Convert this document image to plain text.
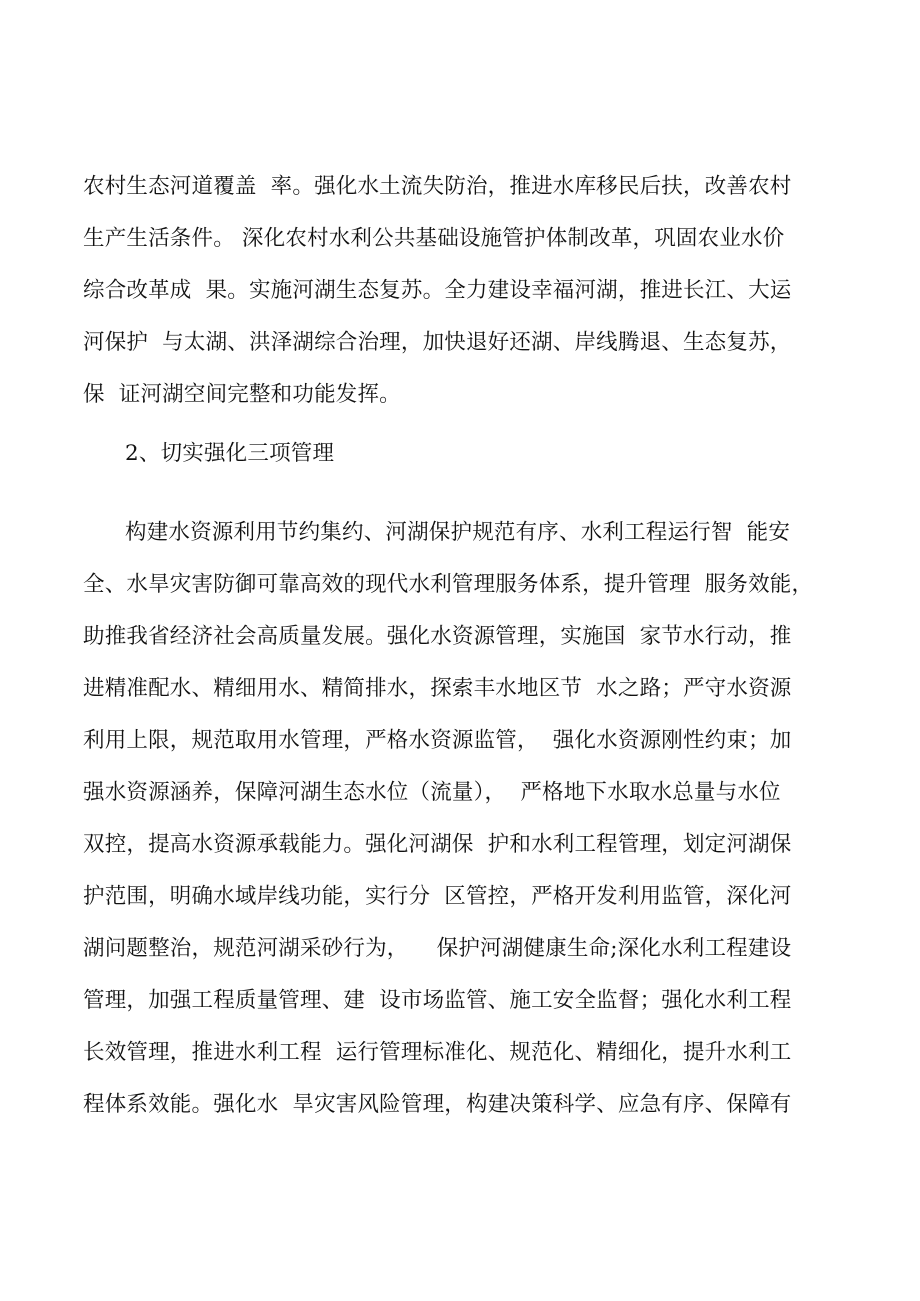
农村生态河道覆盖  率。强化水土流失防治，推进水库移民后扶，改善农村

生产生活条件。 深化农村水利公共基础设施管护体制改革，巩固农业水价

综合改革成  果。实施河湖生态复苏。全力建设幸福河湖，推进长江、大运

河保护  与太湖、洪泽湖综合治理，加快退好还湖、岸线腾退、生态复苏，

保  证河湖空间完整和功能发挥。

2、切实强化三项管理

构建水资源利用节约集约、河湖保护规范有序、水利工程运行智  能安

全、水旱灾害防御可靠高效的现代水利管理服务体系，提升管理  服务效能，

助推我省经济社会高质量发展。强化水资源管理，实施国  家节水行动，推

进精准配水、精细用水、精简排水，探索丰水地区节  水之路；严守水资源

利用上限，规范取用水管理，严格水资源监管，  强化水资源刚性约束；加

强水资源涵养，保障河湖生态水位（流量），  严格地下水取水总量与水位

双控，提高水资源承载能力。强化河湖保  护和水利工程管理，划定河湖保

护范围，明确水域岸线功能，实行分  区管控，严格开发利用监管，深化河

湖问题整治，规范河湖采砂行为，    保护河湖健康生命;深化水利工程建设

管理，加强工程质量管理、建  设市场监管、施工安全监督；强化水利工程

长效管理，推进水利工程  运行管理标准化、规范化、精细化，提升水利工

程体系效能。强化水  旱灾害风险管理，构建决策科学、应急有序、保障有
